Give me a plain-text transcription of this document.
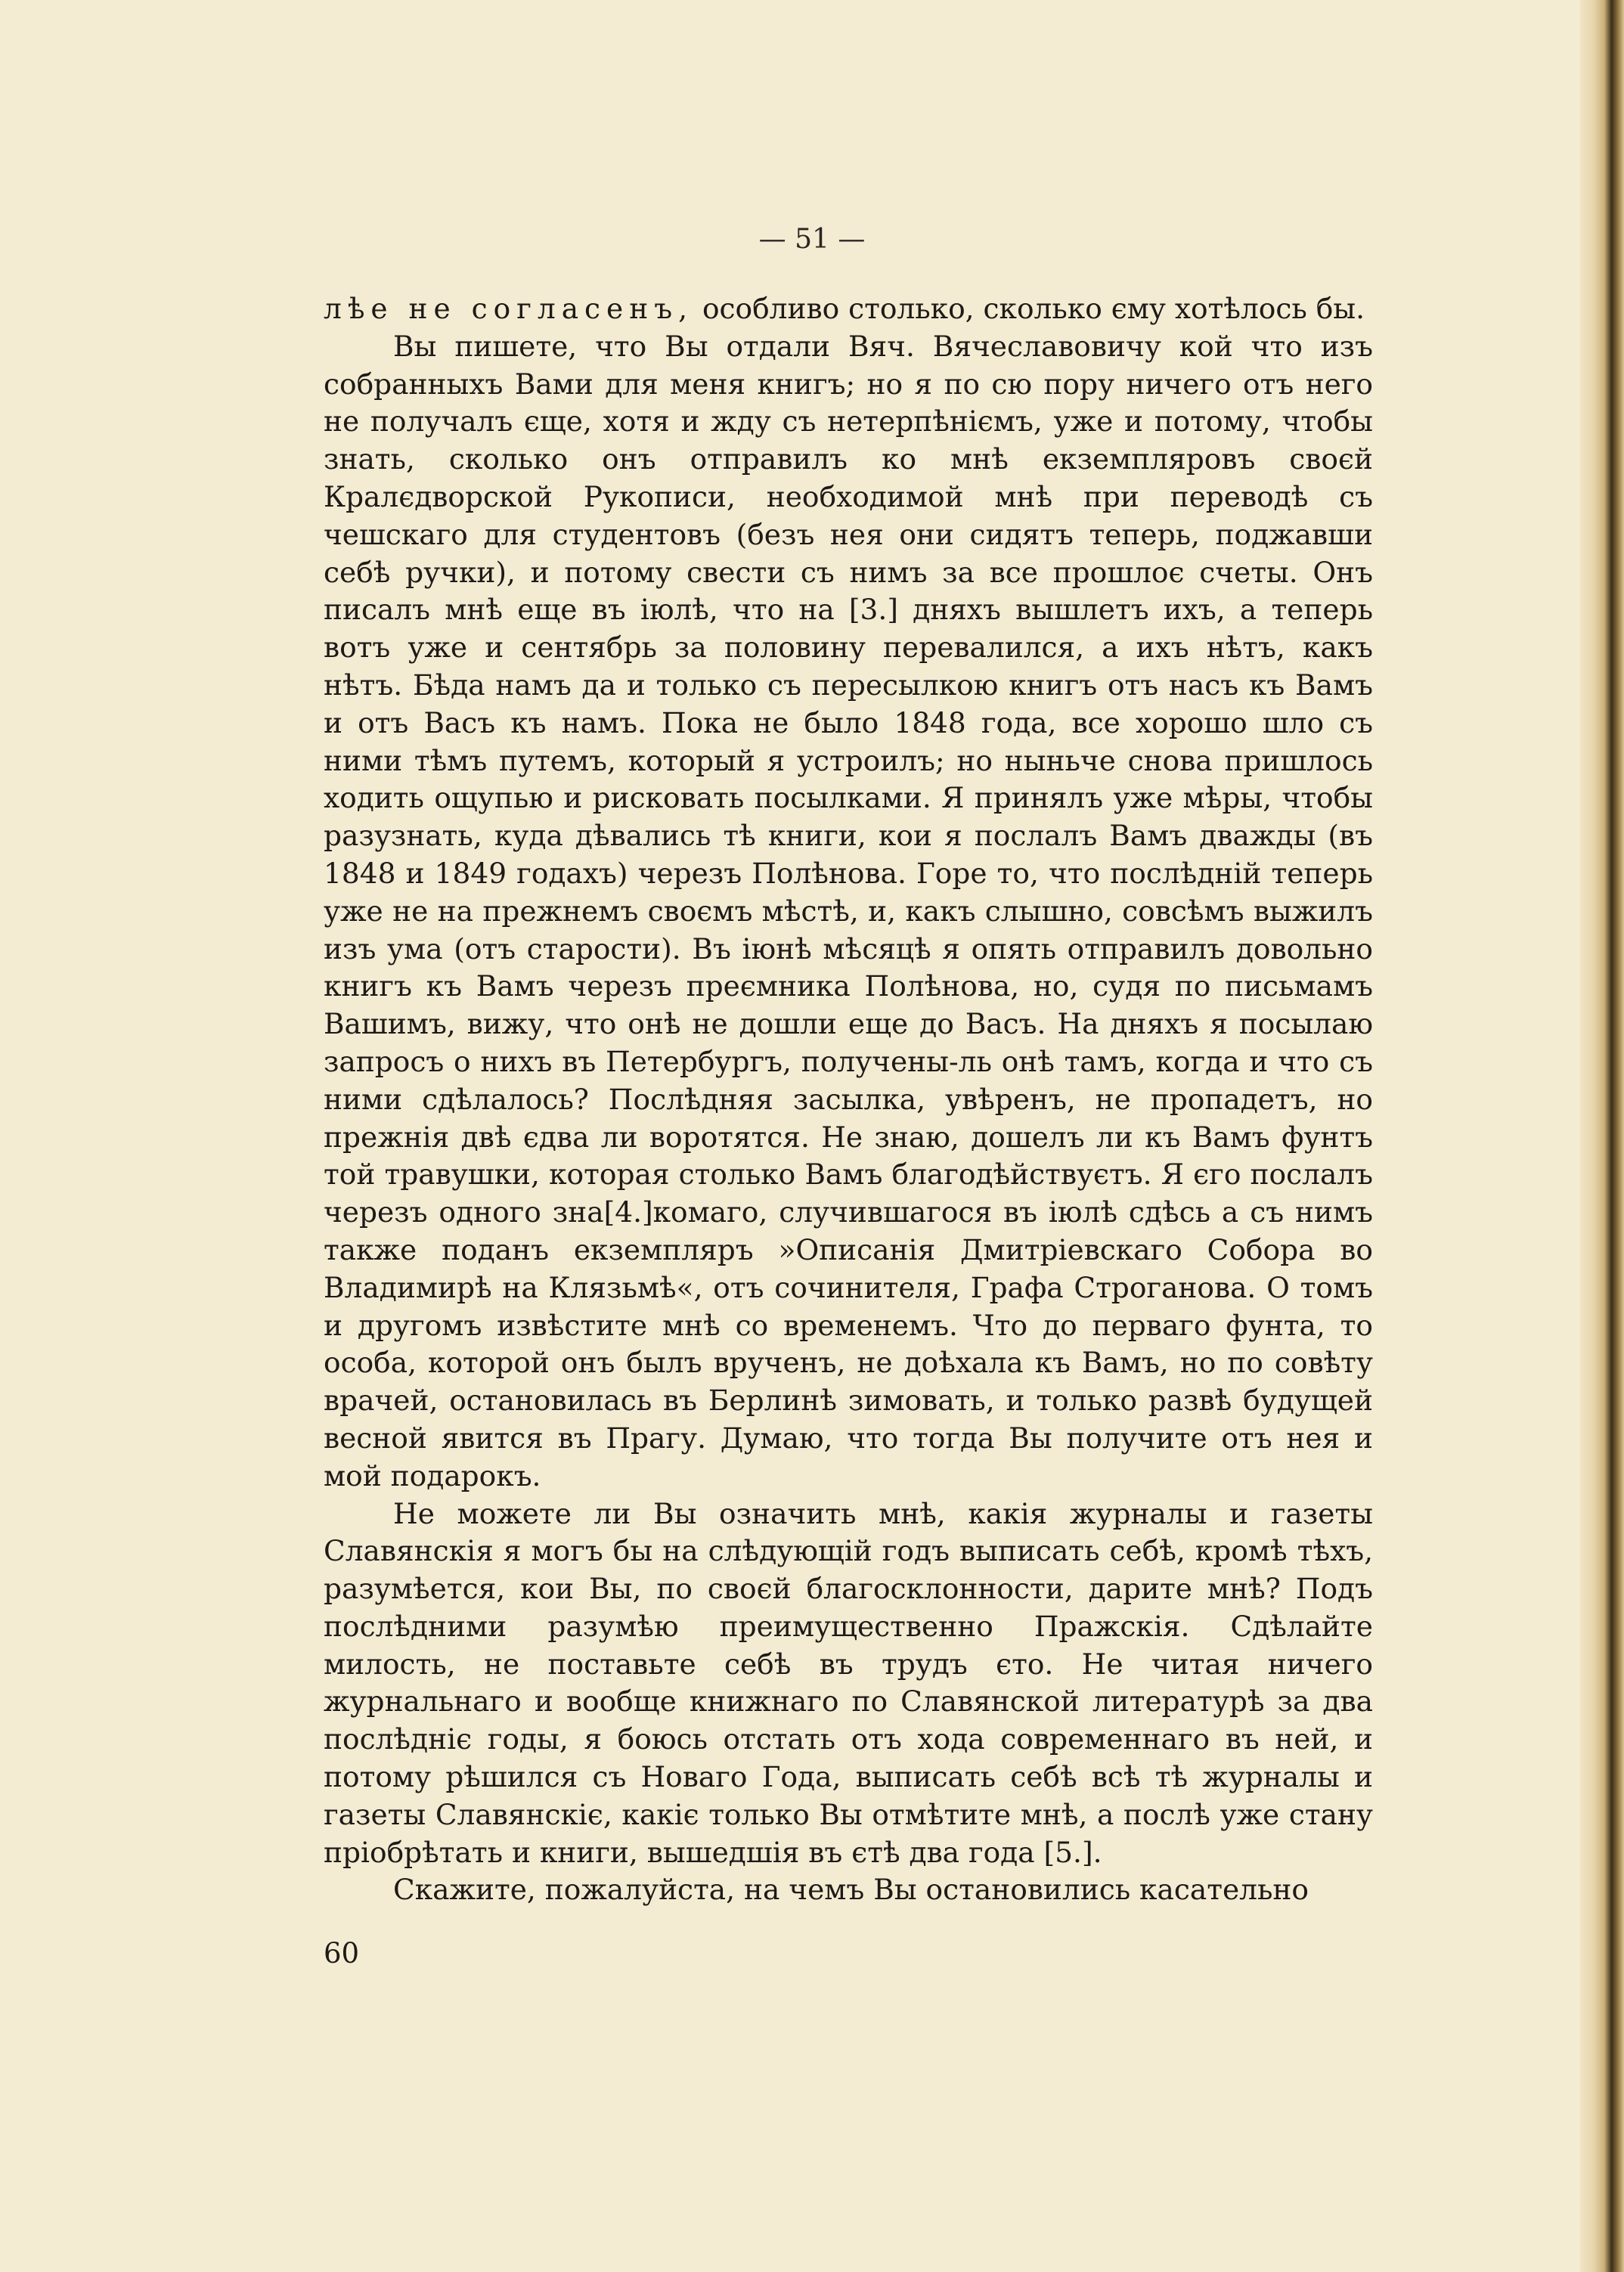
— 51 —

лѣе не согласенъ, особливо столько, сколько єму хотѣлось бы.

Вы пишете, что Вы отдали Вяч. Вячеславовичу кой что изъ собранныхъ Вами для меня книгъ; но я по сю пору ничего отъ него не получалъ єще, хотя и жду съ нетерпѣніємъ, уже и потому, чтобы знать, сколько онъ отправилъ ко мнѣ екземпляровъ своєй Кралєдворской Рукописи, необходимой мнѣ при переводѣ съ чешскаго для студентовъ (безъ нея они сидятъ теперь, поджавши себѣ ручки), и потому свести съ нимъ за все прошлоє счеты. Онъ писалъ мнѣ еще въ іюлѣ, что на [3.] дняхъ вышлетъ ихъ, а теперь вотъ уже и сентябрь за половину перевалился, а ихъ нѣтъ, какъ нѣтъ. Бѣда намъ да и только съ пересылкою книгъ отъ насъ къ Вамъ и отъ Васъ къ намъ. Пока не было 1848 года, все хорошо шло съ ними тѣмъ путемъ, который я устроилъ; но ныньче снова пришлось ходить ощупью и рисковать посылками. Я принялъ уже мѣры, чтобы разузнать, куда дѣвались тѣ книги, кои я послалъ Вамъ дважды (въ 1848 и 1849 годахъ) черезъ Полѣнова. Горе то, что послѣдній теперь уже не на прежнемъ своємъ мѣстѣ, и, какъ слышно, совсѣмъ выжилъ изъ ума (отъ старости). Въ іюнѣ мѣсяцѣ я опять отправилъ довольно книгъ къ Вамъ черезъ преємника Полѣнова, но, судя по письмамъ Вашимъ, вижу, что онѣ не дошли еще до Васъ. На дняхъ я посылаю запросъ о нихъ въ Петербургъ, получены-ль онѣ тамъ, когда и что съ ними сдѣлалось? Послѣдняя засылка, увѣренъ, не пропадетъ, но прежнія двѣ єдва ли воротятся. Не знаю, дошелъ ли къ Вамъ фунтъ той травушки, которая столько Вамъ благодѣйствуєтъ. Я єго послалъ черезъ одного зна[4.]комаго, случившагося въ іюлѣ сдѣсь а съ нимъ также поданъ екземпляръ »Описанія Дмитріевскаго Собора во Владимирѣ на Клязьмѣ«, отъ сочинителя, Графа Строганова. О томъ и другомъ извѣстите мнѣ со временемъ. Что до перваго фунта, то особа, которой онъ былъ врученъ, не доѣхала къ Вамъ, но по совѣту врачей, остановилась въ Берлинѣ зимовать, и только развѣ будущей весной явится въ Прагу. Думаю, что тогда Вы получите отъ нея и мой подарокъ.

Не можете ли Вы означить мнѣ, какія журналы и газеты Славянскія я могъ бы на слѣдующій годъ выписать себѣ, кромѣ тѣхъ, разумѣется, кои Вы, по своєй благосклонности, дарите мнѣ? Подъ послѣдними разумѣю преимущественно Пражскія. Сдѣлайте милость, не поставьте себѣ въ трудъ єто. Не читая ничего журнальнаго и вообще книжнаго по Славянской литературѣ за два послѣдніє годы, я боюсь отстать отъ хода современнаго въ ней, и потому рѣшился съ Новаго Года, выписать себѣ всѣ тѣ журналы и газеты Славянскіє, какіє только Вы отмѣтите мнѣ, а послѣ уже стану пріобрѣтать и книги, вышедшія въ єтѣ два года [5.].

Скажите, пожалуйста, на чемъ Вы остановились касательно

60
